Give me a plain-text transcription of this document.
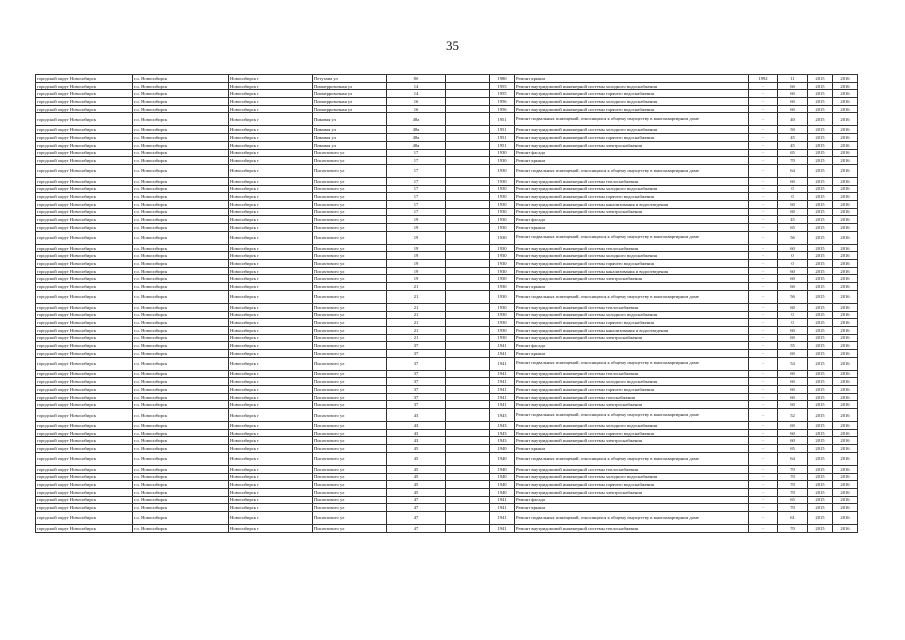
35
городской округ Новосибирск	г.о. Новосибирск	Новосибирск г	Петухова ул	8б		1980	Ремонт крыши	1992	11	2015	2016
городской округ Новосибирск	г.о. Новосибирск	Новосибирск г	Пионерровочная ул	14		1955	Ремонт внутридомовой инженерной системы холодного водоснабжения	-	60	2015	2016
городской округ Новосибирск	г.о. Новосибирск	Новосибирск г	Пионерровочная ул	14		1955	Ремонт внутридомовой инженерной системы горячего водоснабжения	-	60	2015	2016
городской округ Новосибирск	г.о. Новосибирск	Новосибирск г	Пионерровочная ул	16		1956	Ремонт внутридомовой инженерной системы холодного водоснабжения	-	60	2015	2016
городской округ Новосибирск	г.о. Новосибирск	Новосибирск г	Пионерровочная ул	16		1956	Ремонт внутридомовой инженерной системы горячего водоснабжения	-	60	2015	2016
городской округ Новосибирск	г.о. Новосибирск	Новосибирск г	Пиковая ул	48а		1951	Ремонт подвальных помещений, относящихся к общему имуществу в многоквартирном доме	-	40	2015	2016
городской округ Новосибирск	г.о. Новосибирск	Новосибирск г	Пиковая ул	48а		1951	Ремонт внутридомовой инженерной системы холодного водоснабжения	-	50	2015	2016
городской округ Новосибирск	г.о. Новосибирск	Новосибирск г	Пиковая ул	48а		1951	Ремонт внутридомовой инженерной системы горячего водоснабжения	-	45	2015	2016
городской округ Новосибирск	г.о. Новосибирск	Новосибирск г	Пиковая ул	48а		1951	Ремонт внутридомовой инженерной системы электроснабжения	-	45	2015	2016
городской округ Новосибирск	г.о. Новосибирск	Новосибирск г	Писахтового ул	17		1930	Ремонт фасада	-	65	2015	2016
городской округ Новосибирск	г.о. Новосибирск	Новосибирск г	Писахтового ул	17		1930	Ремонт крыши	-	70	2015	2016
городской округ Новосибирск	г.о. Новосибирск	Новосибирск г	Писахтового ул	17		1930	Ремонт подвальных помещений, относящихся к общему имуществу в многоквартирном доме	-	64	2015	2016
городской округ Новосибирск	г.о. Новосибирск	Новосибирск г	Писахтового ул	17		1930	Ремонт внутридомовой инженерной системы теплоснабжения	-	60	2015	2016
городской округ Новосибирск	г.о. Новосибирск	Новосибирск г	Писахтового ул	17		1930	Ремонт внутридомовой инженерной системы холодного водоснабжения	-	0	2015	2016
городской округ Новосибирск	г.о. Новосибирск	Новосибирск г	Писахтового ул	17		1930	Ремонт внутридомовой инженерной системы горячего водоснабжения	-	0	2015	2016
городской округ Новосибирск	г.о. Новосибирск	Новосибирск г	Писахтового ул	17		1930	Ремонт внутридомовой инженерной системы канализования и водоотведения	-	60	2015	2016
городской округ Новосибирск	г.о. Новосибирск	Новосибирск г	Писахтового ул	17		1930	Ремонт внутридомовой инженерной системы электроснабжения	-	60	2015	2016
городской округ Новосибирск	г.о. Новосибирск	Новосибирск г	Писахтового ул	19		1930	Ремонт фасада	-	45	2015	2016
городской округ Новосибирск	г.о. Новосибирск	Новосибирск г	Писахтового ул	19		1930	Ремонт крыши	-	65	2015	2016
городской округ Новосибирск	г.о. Новосибирск	Новосибирск г	Писахтового ул	19		1930	Ремонт подвальных помещений, относящихся к общему имуществу в многоквартирном доме	-	56	2015	2016
городской округ Новосибирск	г.о. Новосибирск	Новосибирск г	Писахтового ул	19		1930	Ремонт внутридомовой инженерной системы теплоснабжения	-	60	2015	2016
городской округ Новосибирск	г.о. Новосибирск	Новосибирск г	Писахтового ул	19		1930	Ремонт внутридомовой инженерной системы холодного водоснабжения	-	0	2015	2016
городской округ Новосибирск	г.о. Новосибирск	Новосибирск г	Писахтового ул	19		1930	Ремонт внутридомовой инженерной системы горячего водоснабжения	-	0	2015	2016
городской округ Новосибирск	г.о. Новосибирск	Новосибирск г	Писахтового ул	19		1930	Ремонт внутридомовой инженерной системы канализования и водоотведения	-	60	2015	2016
городской округ Новосибирск	г.о. Новосибирск	Новосибирск г	Писахтового ул	19		1930	Ремонт внутридомовой инженерной системы электроснабжения	-	60	2015	2016
городской округ Новосибирск	г.о. Новосибирск	Новосибирск г	Писахтового ул	21		1930	Ремонт крыши	-	60	2015	2016
городской округ Новосибирск	г.о. Новосибирск	Новосибирск г	Писахтового ул	21		1930	Ремонт подвальных помещений, относящихся к общему имуществу в многоквартирном доме	-	56	2015	2016
городской округ Новосибирск	г.о. Новосибирск	Новосибирск г	Писахтового ул	21		1930	Ремонт внутридомовой инженерной системы теплоснабжения	-	60	2015	2016
городской округ Новосибирск	г.о. Новосибирск	Новосибирск г	Писахтового ул	21		1930	Ремонт внутридомовой инженерной системы холодного водоснабжения	-	0	2015	2016
городской округ Новосибирск	г.о. Новосибирск	Новосибирск г	Писахтового ул	21		1930	Ремонт внутридомовой инженерной системы горячего водоснабжения	-	0	2015	2016
городской округ Новосибирск	г.о. Новосибирск	Новосибирск г	Писахтового ул	21		1930	Ремонт внутридомовой инженерной системы канализования и водоотведения	-	60	2015	2016
городской округ Новосибирск	г.о. Новосибирск	Новосибирск г	Писахтового ул	21		1930	Ремонт внутридомовой инженерной системы электроснабжения	-	60	2015	2016
городской округ Новосибирск	г.о. Новосибирск	Новосибирск г	Писахтового ул	37		1941	Ремонт фасада	-	55	2015	2016
городской округ Новосибирск	г.о. Новосибирск	Новосибирск г	Писахтового ул	37		1941	Ремонт крыши	-	60	2015	2016
городской округ Новосибирск	г.о. Новосибирск	Новосибирск г	Писахтового ул	37		1941	Ремонт подвальных помещений, относящихся к общему имуществу в многоквартирном доме	-	54	2015	2016
городской округ Новосибирск	г.о. Новосибирск	Новосибирск г	Писахтового ул	37		1941	Ремонт внутридомовой инженерной системы теплоснабжения	-	60	2015	2016
городской округ Новосибирск	г.о. Новосибирск	Новосибирск г	Писахтового ул	37		1941	Ремонт внутридомовой инженерной системы холодного водоснабжения	-	60	2015	2016
городской округ Новосибирск	г.о. Новосибирск	Новосибирск г	Писахтового ул	37		1941	Ремонт внутридомовой инженерной системы горячего водоснабжения	-	60	2015	2016
городской округ Новосибирск	г.о. Новосибирск	Новосибирск г	Писахтового ул	37		1941	Ремонт внутридомовой инженерной системы газоснабжения	-	60	2015	2016
городской округ Новосибирск	г.о. Новосибирск	Новосибирск г	Писахтового ул	37		1941	Ремонт внутридомовой инженерной системы электроснабжения	-	60	2015	2016
городской округ Новосибирск	г.о. Новосибирск	Новосибирск г	Писахтового ул	43		1943	Ремонт подвальных помещений, относящихся к общему имуществу в многоквартирном доме	-	52	2015	2016
городской округ Новосибирск	г.о. Новосибирск	Новосибирск г	Писахтового ул	43		1943	Ремонт внутридомовой инженерной системы холодного водоснабжения	-	60	2015	2016
городской округ Новосибирск	г.о. Новосибирск	Новосибирск г	Писахтового ул	43		1943	Ремонт внутридомовой инженерной системы горячего водоснабжения	-	60	2015	2016
городской округ Новосибирск	г.о. Новосибирск	Новосибирск г	Писахтового ул	43		1943	Ремонт внутридомовой инженерной системы электроснабжения	-	60	2015	2016
городской округ Новосибирск	г.о. Новосибирск	Новосибирск г	Писахтового ул	45		1940	Ремонт крыши	-	65	2015	2016
городской округ Новосибирск	г.о. Новосибирск	Новосибирск г	Писахтового ул	45		1940	Ремонт подвальных помещений, относящихся к общему имуществу в многоквартирном доме	-	64	2015	2016
городской округ Новосибирск	г.о. Новосибирск	Новосибирск г	Писахтового ул	45		1940	Ремонт внутридомовой инженерной системы теплоснабжения	-	70	2015	2016
городской округ Новосибирск	г.о. Новосибирск	Новосибирск г	Писахтового ул	45		1940	Ремонт внутридомовой инженерной системы холодного водоснабжения	-	70	2015	2016
городской округ Новосибирск	г.о. Новосибирск	Новосибирск г	Писахтового ул	45		1940	Ремонт внутридомовой инженерной системы горячего водоснабжения	-	70	2015	2016
городской округ Новосибирск	г.о. Новосибирск	Новосибирск г	Писахтового ул	45		1940	Ремонт внутридомовой инженерной системы электроснабжения	-	70	2015	2016
городской округ Новосибирск	г.о. Новосибирск	Новосибирск г	Писахтового ул	47		1941	Ремонт фасада	-	65	2015	2016
городской округ Новосибирск	г.о. Новосибирск	Новосибирск г	Писахтового ул	47		1941	Ремонт крыши	-	70	2015	2016
городской округ Новосибирск	г.о. Новосибирск	Новосибирск г	Писахтового ул	47		1941	Ремонт подвальных помещений, относящихся к общему имуществу в многоквартирном доме	-	61	2015	2016
городской округ Новосибирск	г.о. Новосибирск	Новосибирск г	Писахтового ул	47		1941	Ремонт внутридомовой инженерной системы теплоснабжения	-	70	2015	2016
